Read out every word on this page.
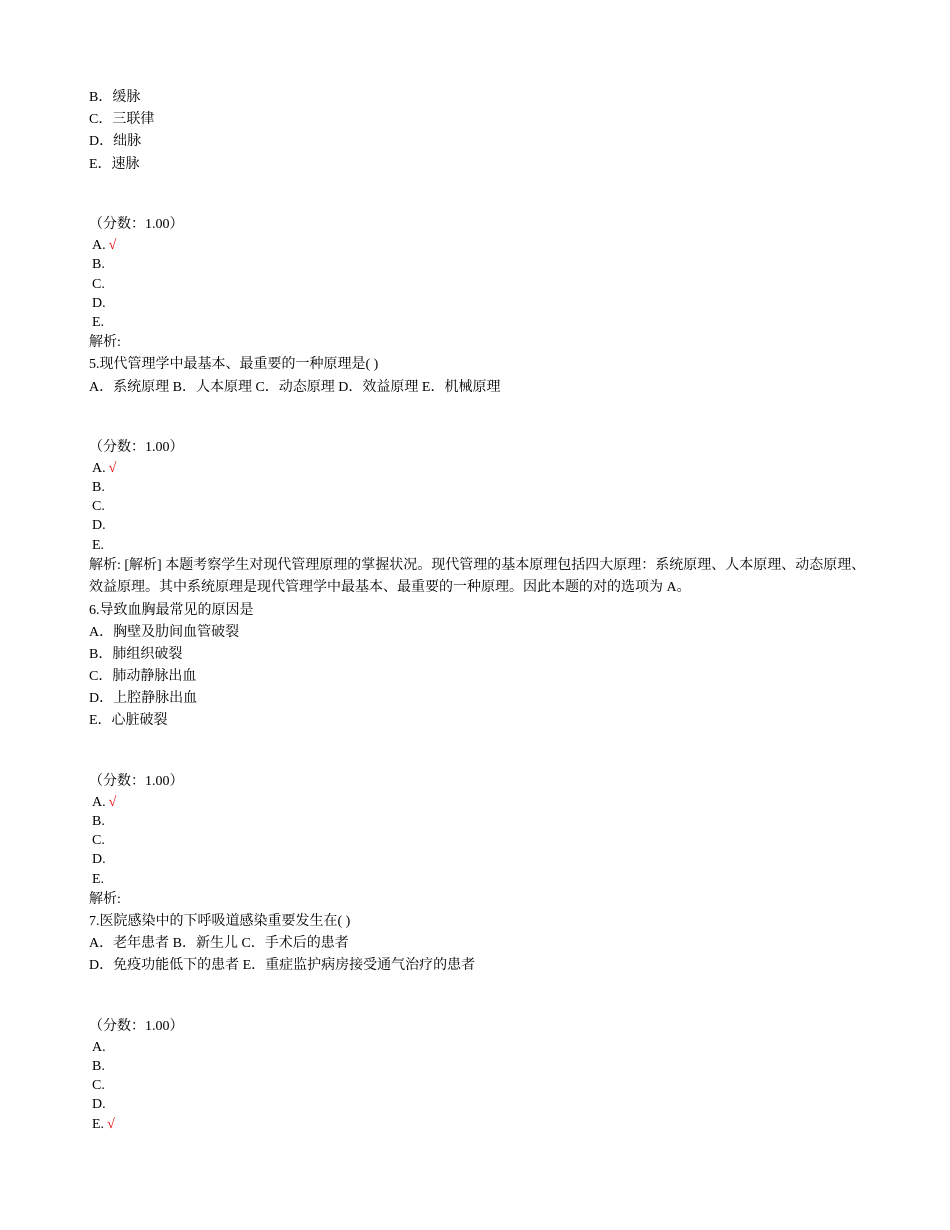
B．缓脉
C．三联律
D．绌脉
E．速脉
（分数：1.00）
A. √
B.
C.
D.
E.
解析:
5.现代管理学中最基本、最重要的一种原理是( )
A．系统原理 B．人本原理 C．动态原理 D．效益原理 E．机械原理
（分数：1.00）
A. √
B.
C.
D.
E.
解析: [解析] 本题考察学生对现代管理原理的掌握状况。现代管理的基本原理包括四大原理：系统原理、人本原理、动态原理、效益原理。其中系统原理是现代管理学中最基本、最重要的一种原理。因此本题的对的选项为 A。
6.导致血胸最常见的原因是
A．胸壁及肋间血管破裂
B．肺组织破裂
C．肺动静脉出血
D．上腔静脉出血
E．心脏破裂
（分数：1.00）
A. √
B.
C.
D.
E.
解析:
7.医院感染中的下呼吸道感染重要发生在( )
A．老年患者 B．新生儿 C．手术后的患者
D．免疫功能低下的患者 E．重症监护病房接受通气治疗的患者
（分数：1.00）
A.
B.
C.
D.
E. √
